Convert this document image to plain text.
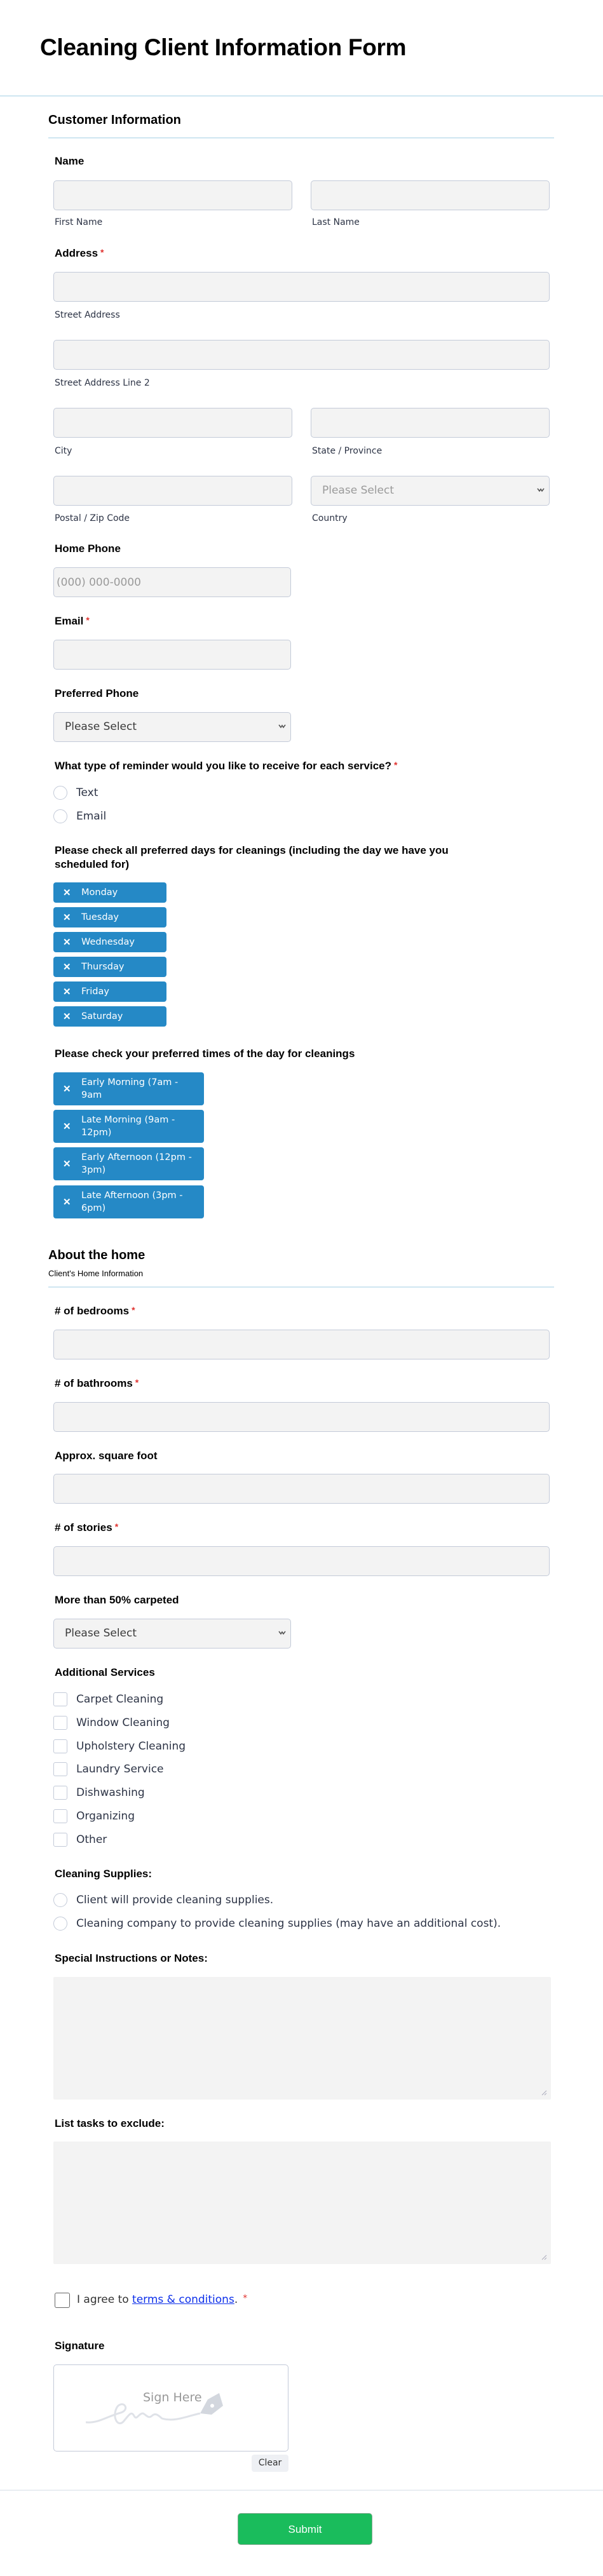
Cleaning Client Information Form
Customer Information
Name
First Name	Last Name
Address *
Street Address
Street Address Line 2
City	State / Province
Please Select
Postal / Zip Code	Country
Home Phone
(000) 000-0000
Email *
Preferred Phone
Please Select
What type of reminder would you like to receive for each service? *
Text
Email
Please check all preferred days for cleanings (including the day we have you scheduled for)
✕ Monday
✕ Tuesday
✕ Wednesday
✕ Thursday
✕ Friday
✕ Saturday
Please check your preferred times of the day for cleanings
✕
Early Morning (7am - 9am
✕
Late Morning (9am - 12pm)
✕
Early Afternoon (12pm - 3pm)
✕
Late Afternoon (3pm - 6pm)
About the home
Client's Home Information
# of bedrooms *
# of bathrooms *
Approx. square foot
# of stories *
More than 50% carpeted
Please Select
Additional Services
Carpet Cleaning
Window Cleaning
Upholstery Cleaning
Laundry Service
Dishwashing
Organizing
Other
Cleaning Supplies:
Client will provide cleaning supplies.
Cleaning company to provide cleaning supplies (may have an additional cost).
Special Instructions or Notes:
List tasks to exclude:
I agree to terms & conditions. *
Signature
Sign Here
Clear
Submit
